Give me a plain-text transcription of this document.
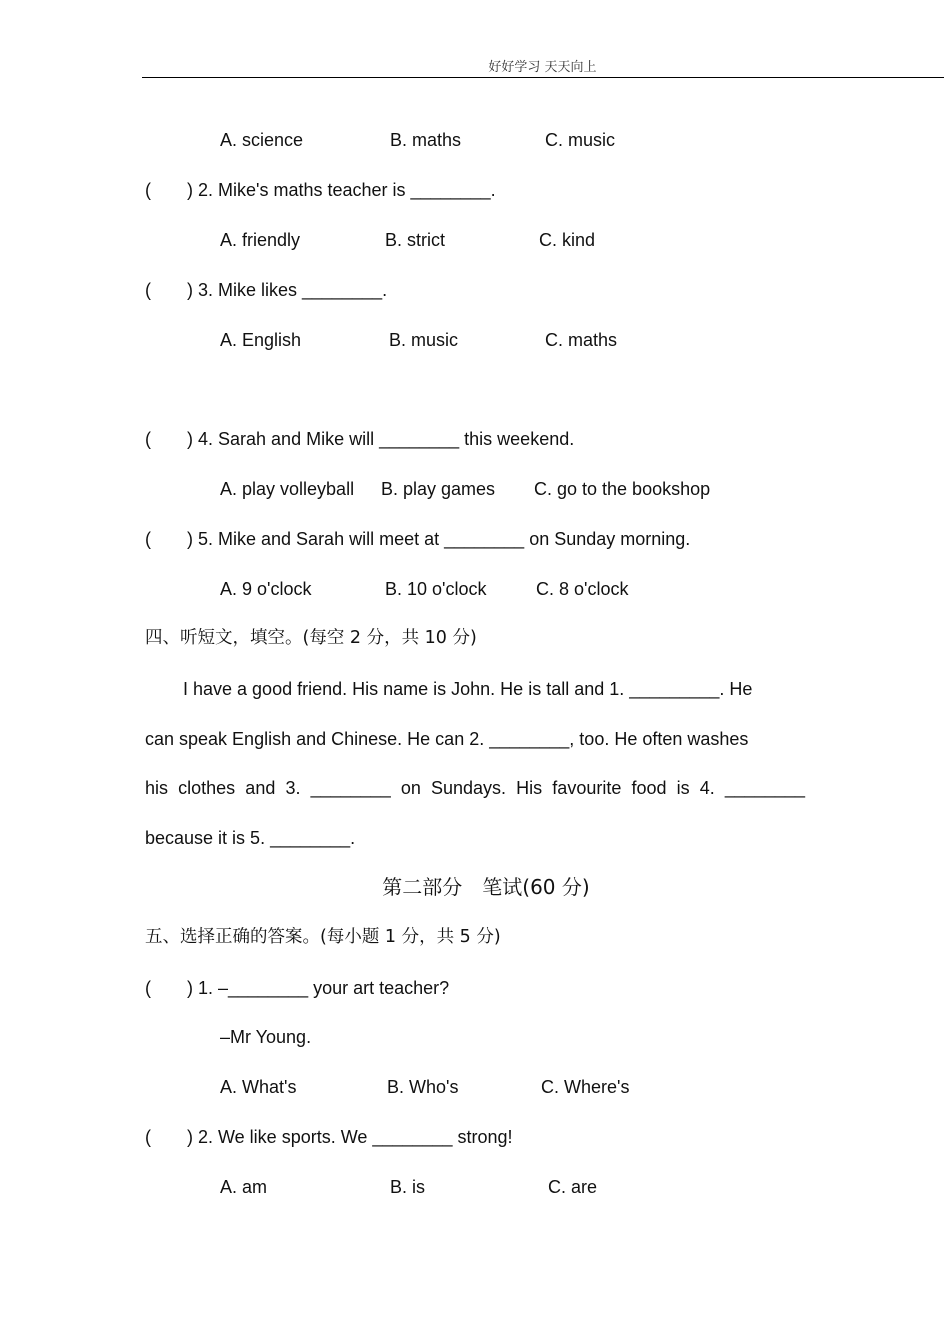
好好学习 天天向上
A. science	B. maths	C. music
( ) 2. Mike's maths teacher is ________.
A. friendly	B. strict	C. kind
( ) 3. Mike likes ________.
A. English	B. music	C. maths
( ) 4. Sarah and Mike will ________ this weekend.
A. play volleyball B. play games C. go to the bookshop
( ) 5. Mike and Sarah will meet at ________ on Sunday morning.
A. 9 o'clock	B. 10 o'clock	C. 8 o'clock
四、听短文，填空。(每空 2 分，共 10 分)
I have a good friend. His name is John. He is tall and 1. _________. He
can speak English and Chinese. He can 2. ________, too. He often washes
his clothes and 3. ________ on Sundays. His favourite food is 4. ________
because it is 5. ________.
第二部分　笔试(60 分)
五、选择正确的答案。(每小题 1 分，共 5 分)
( ) 1. –________ your art teacher?
–Mr Young.
A. What's	B. Who's	C. Where's
( ) 2. We like sports. We ________ strong!
A. am	B. is	C. are
